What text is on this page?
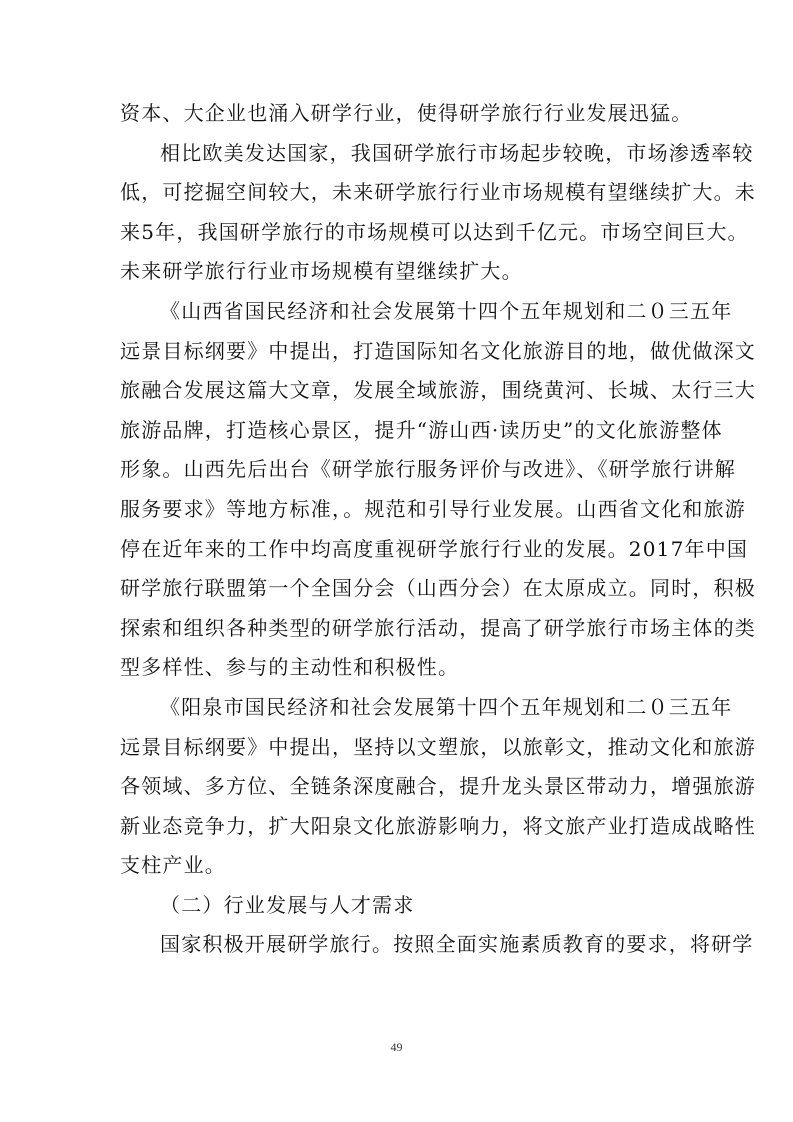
资本、大企业也涌入研学行业，使得研学旅行行业发展迅猛。
相比欧美发达国家，我国研学旅行市场起步较晚，市场渗透率较
低，可挖掘空间较大，未来研学旅行行业市场规模有望继续扩大。未
来5年，我国研学旅行的市场规模可以达到千亿元。市场空间巨大。
未来研学旅行行业市场规模有望继续扩大。
《山西省国民经济和社会发展第十四个五年规划和二０三五年
远景目标纲要》中提出，打造国际知名文化旅游目的地，做优做深文
旅融合发展这篇大文章，发展全域旅游，围绕黄河、长城、太行三大
旅游品牌，打造核心景区，提升“游山西·读历史”的文化旅游整体
形象。山西先后出台《研学旅行服务评价与改进》、《研学旅行讲解
服务要求》等地方标准，。规范和引导行业发展。山西省文化和旅游
停在近年来的工作中均高度重视研学旅行行业的发展。2017年中国
研学旅行联盟第一个全国分会（山西分会）在太原成立。同时，积极
探索和组织各种类型的研学旅行活动，提高了研学旅行市场主体的类
型多样性、参与的主动性和积极性。
《阳泉市国民经济和社会发展第十四个五年规划和二０三五年
远景目标纲要》中提出，坚持以文塑旅，以旅彰文，推动文化和旅游
各领域、多方位、全链条深度融合，提升龙头景区带动力，增强旅游
新业态竞争力，扩大阳泉文化旅游影响力，将文旅产业打造成战略性
支柱产业。
（二）行业发展与人才需求
国家积极开展研学旅行。按照全面实施素质教育的要求，将研学
49
